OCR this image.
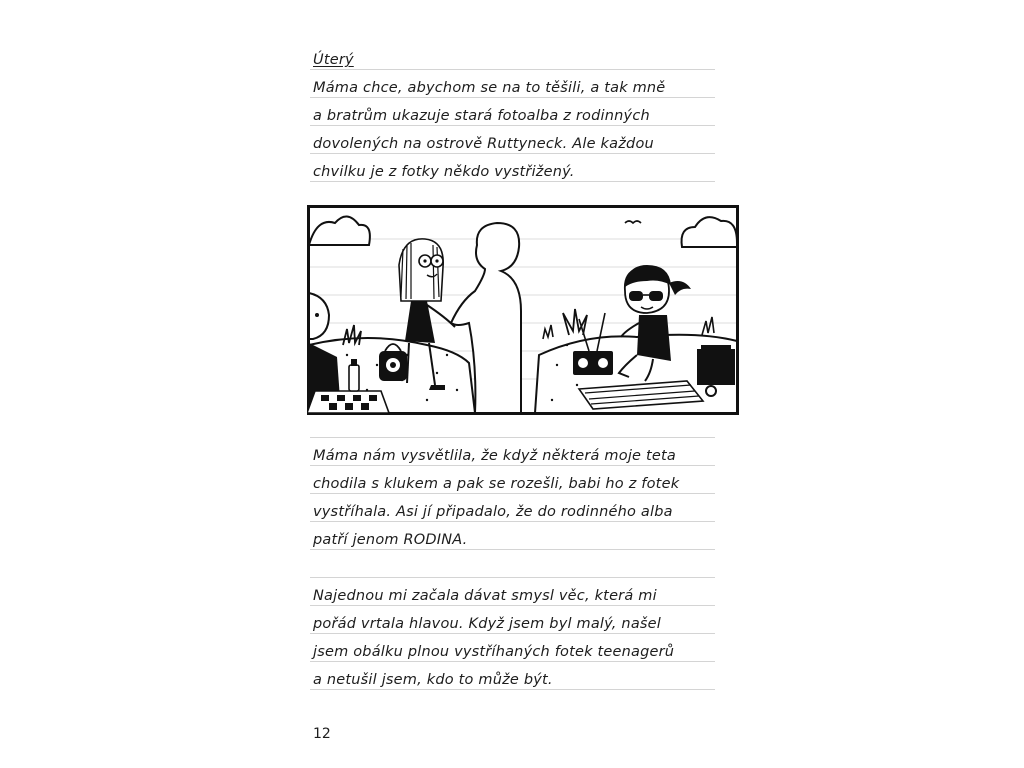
Úterý
Máma chce, abychom se na to těšili, a tak mně
a bratrům ukazuje stará fotoalba z rodinných
dovolených na ostrově Ruttyneck. Ale každou
chvilku je z fotky někdo vystřižený.
Máma nám vysvětlila, že když některá moje teta
chodila s klukem a pak se rozešli, babi ho z fotek
vystříhala. Asi jí připadalo, že do rodinného alba
patří jenom RODINA.
Najednou mi začala dávat smysl věc, která mi
pořád vrtala hlavou. Když jsem byl malý, našel
jsem obálku plnou vystříhaných fotek teenagerů
a netušil jsem, kdo to může být.
12
